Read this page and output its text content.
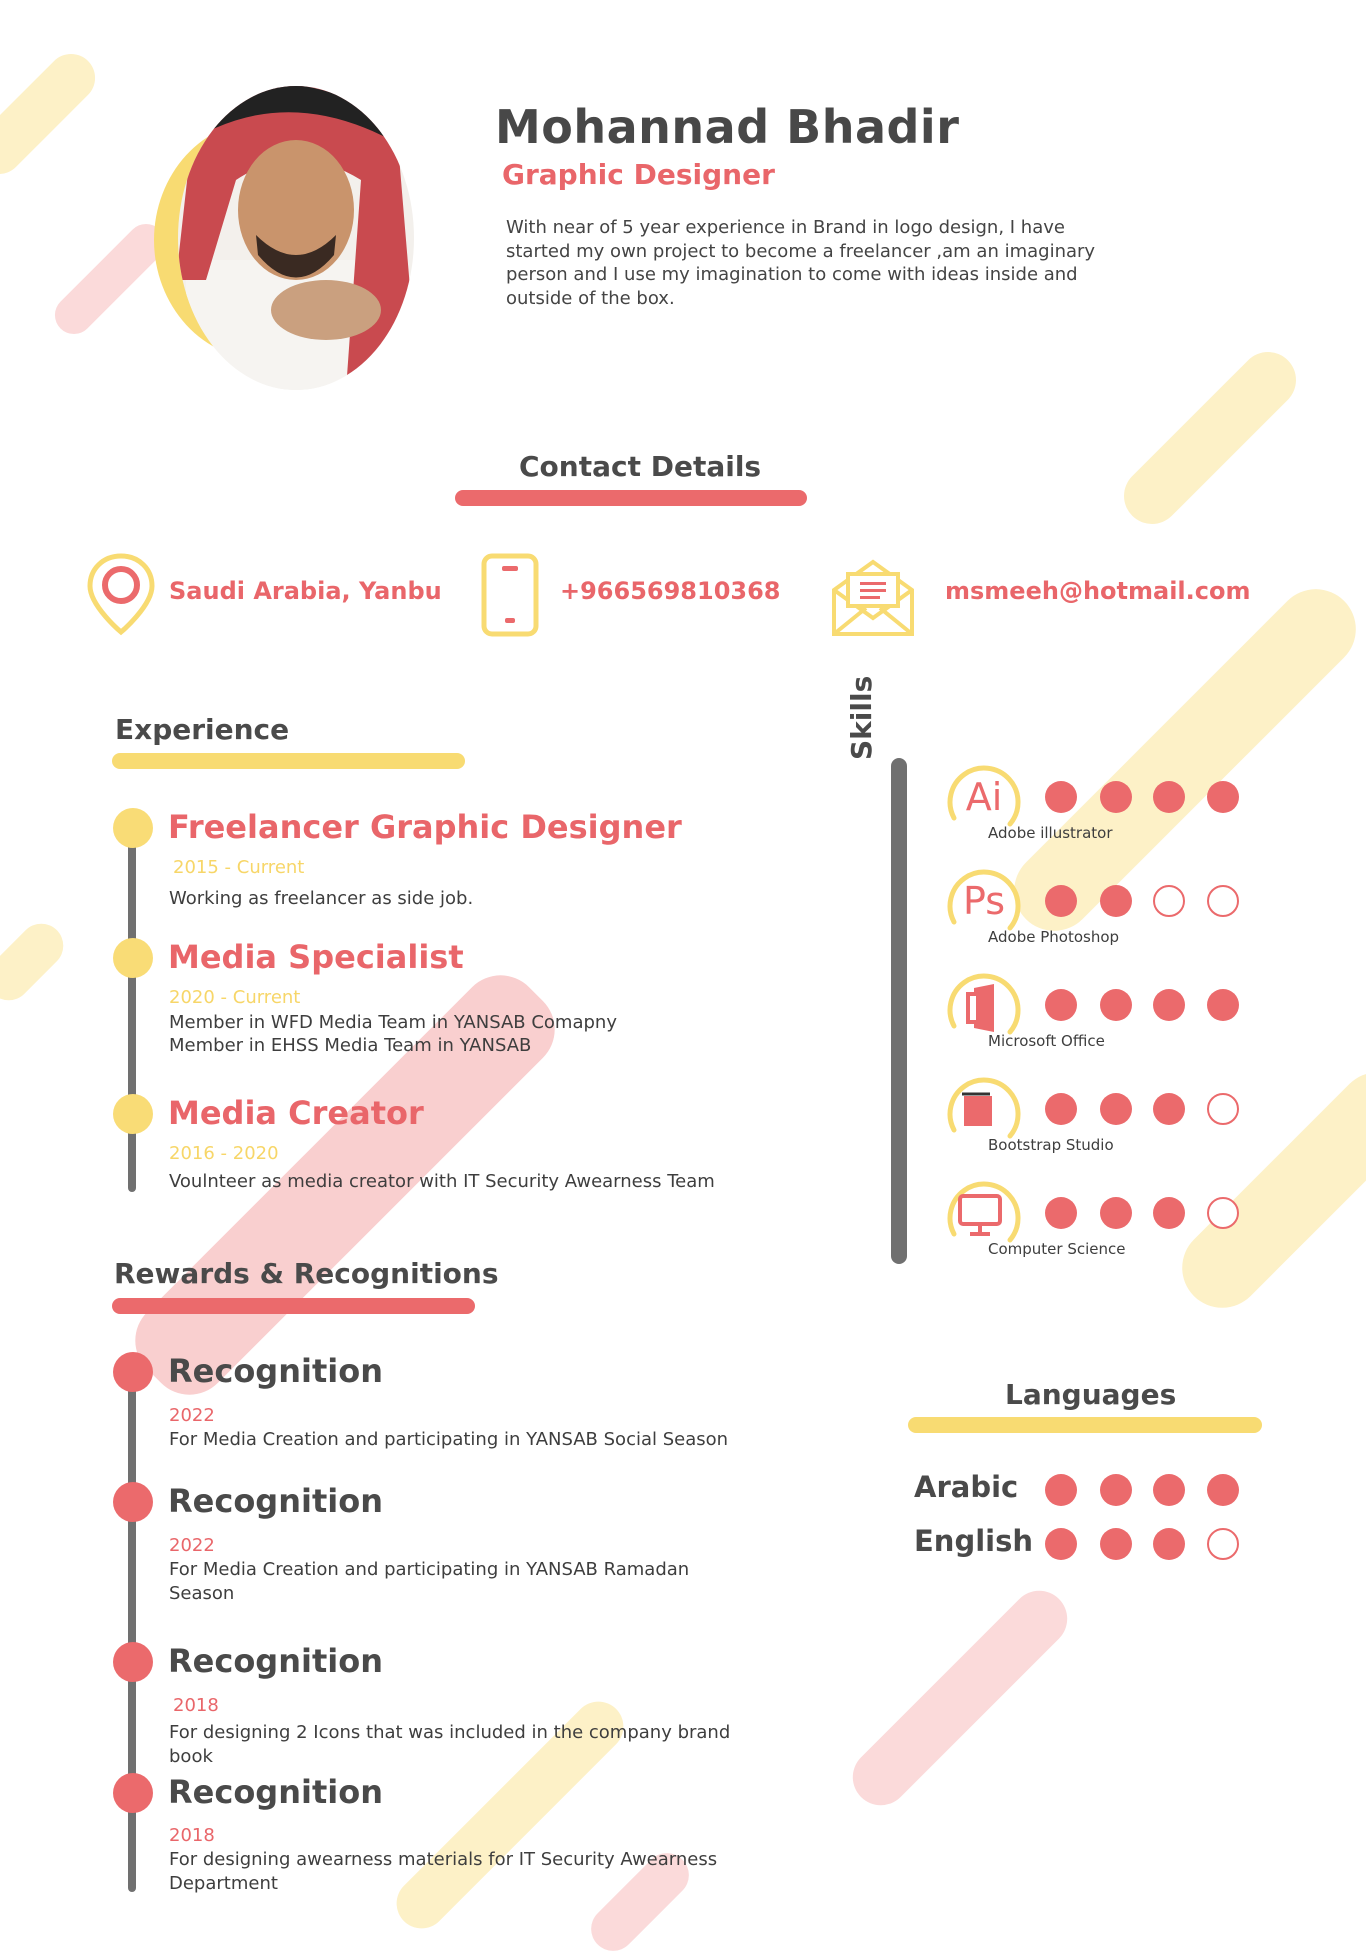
Mohannad Bhadir
Graphic Designer
With near of 5 year experience in Brand in logo design, I have started my own project to become a freelancer ,am an imaginary person and I use my imagination to come with ideas inside and outside of the box.
Contact Details
Saudi Arabia, Yanbu	+966569810368	msmeeh@hotmail.com
Experience
Freelancer Graphic Designer
2015 - Current
Working as freelancer as side job.
Media Specialist
2020 - Current
Member in WFD Media Team in YANSAB Comapny
Member in EHSS Media Team in YANSAB
Media Creator
2016 - 2020
Voulnteer as media creator with IT Security Awearness Team
Rewards & Recognitions
Recognition
2022
For Media Creation and participating in YANSAB Social Season
Recognition
2022
For Media Creation and participating in YANSAB Ramadan Season
Recognition
2018
For designing 2 Icons that was included in the company brand book
Recognition
2018
For designing awearness materials for IT Security Awearness Department
Skills
Ai
Adobe illustrator
Ps
Adobe Photoshop
Microsoft Office
Bootstrap Studio
Computer Science
Languages
Arabic
English
